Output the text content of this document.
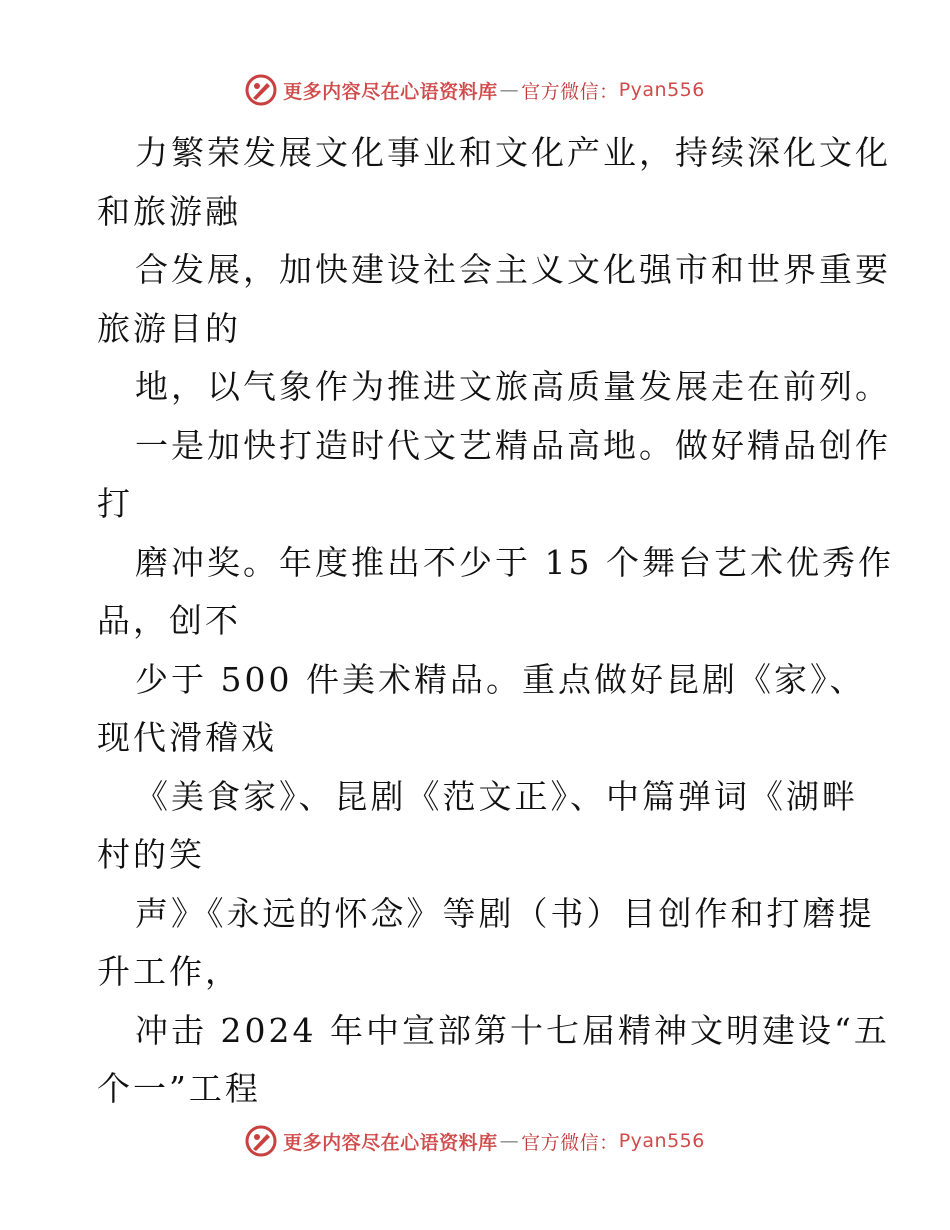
更多内容尽在心语资料库 — 官方微信： Pyan556
力繁荣发展文化事业和文化产业，持续深化文化
和旅游融
合发展，加快建设社会主义文化强市和世界重要
旅游目的
地，以气象作为推进文旅高质量发展走在前列。
一是加快打造时代文艺精品高地。做好精品创作
打
磨冲奖。年度推出不少于 15 个舞台艺术优秀作
品，创不
少于 500 件美术精品。重点做好昆剧《家》、
现代滑稽戏
《美食家》、昆剧《范文正》、中篇弹词《湖畔
村的笑
声》《永远的怀念》等剧（书）目创作和打磨提
升工作，
冲击 2024 年中宣部第十七届精神文明建设“五
个一”工程
更多内容尽在心语资料库 — 官方微信： Pyan556
